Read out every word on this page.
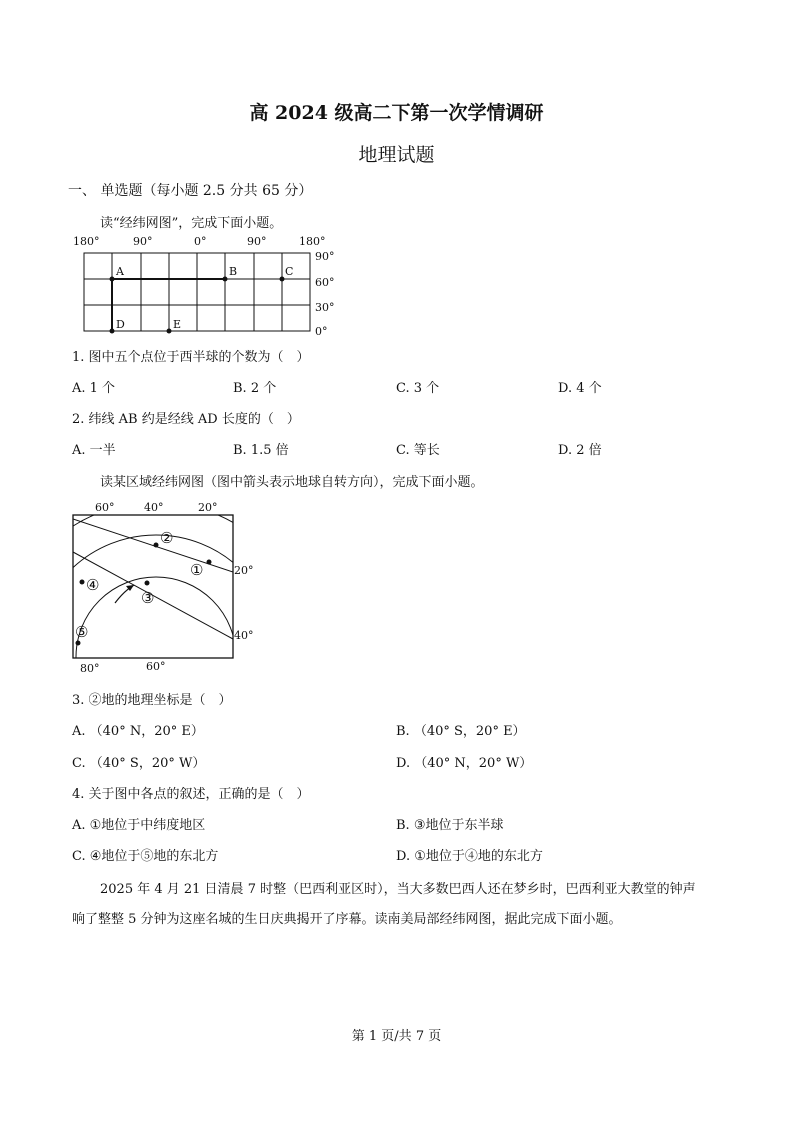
高 2024 级高二下第一次学情调研
地理试题
一、 单选题（每小题 2.5 分共 65 分）
读“经纬网图”，完成下面小题。
180°	90°	0°	90°	180°
90°
60°
30°
0°
A	B	C
D	E
1. 图中五个点位于西半球的个数为（　）
A. 1 个	B. 2 个	C. 3 个	D. 4 个
2. 纬线 AB 约是经线 AD 长度的（　）
A. 一半	B. 1.5 倍	C. 等长	D. 2 倍
读某区域经纬网图（图中箭头表示地球自转方向），完成下面小题。
60°	40°	20°
20°
40°
80°	60°
①
②
③
④
⑤
3. ②地的地理坐标是（　）
A. （40° N，20° E）	B. （40° S，20° E）
C. （40° S，20° W）	D. （40° N，20° W）
4. 关于图中各点的叙述，正确的是（　）
A. ①地位于中纬度地区	B. ③地位于东半球
C. ④地位于⑤地的东北方	D. ①地位于④地的东北方
2025 年 4 月 21 日清晨 7 时整（巴西利亚区时），当大多数巴西人还在梦乡时，巴西利亚大教堂的钟声
响了整整 5 分钟为这座名城的生日庆典揭开了序幕。读南美局部经纬网图，据此完成下面小题。
第 1 页/共 7 页
